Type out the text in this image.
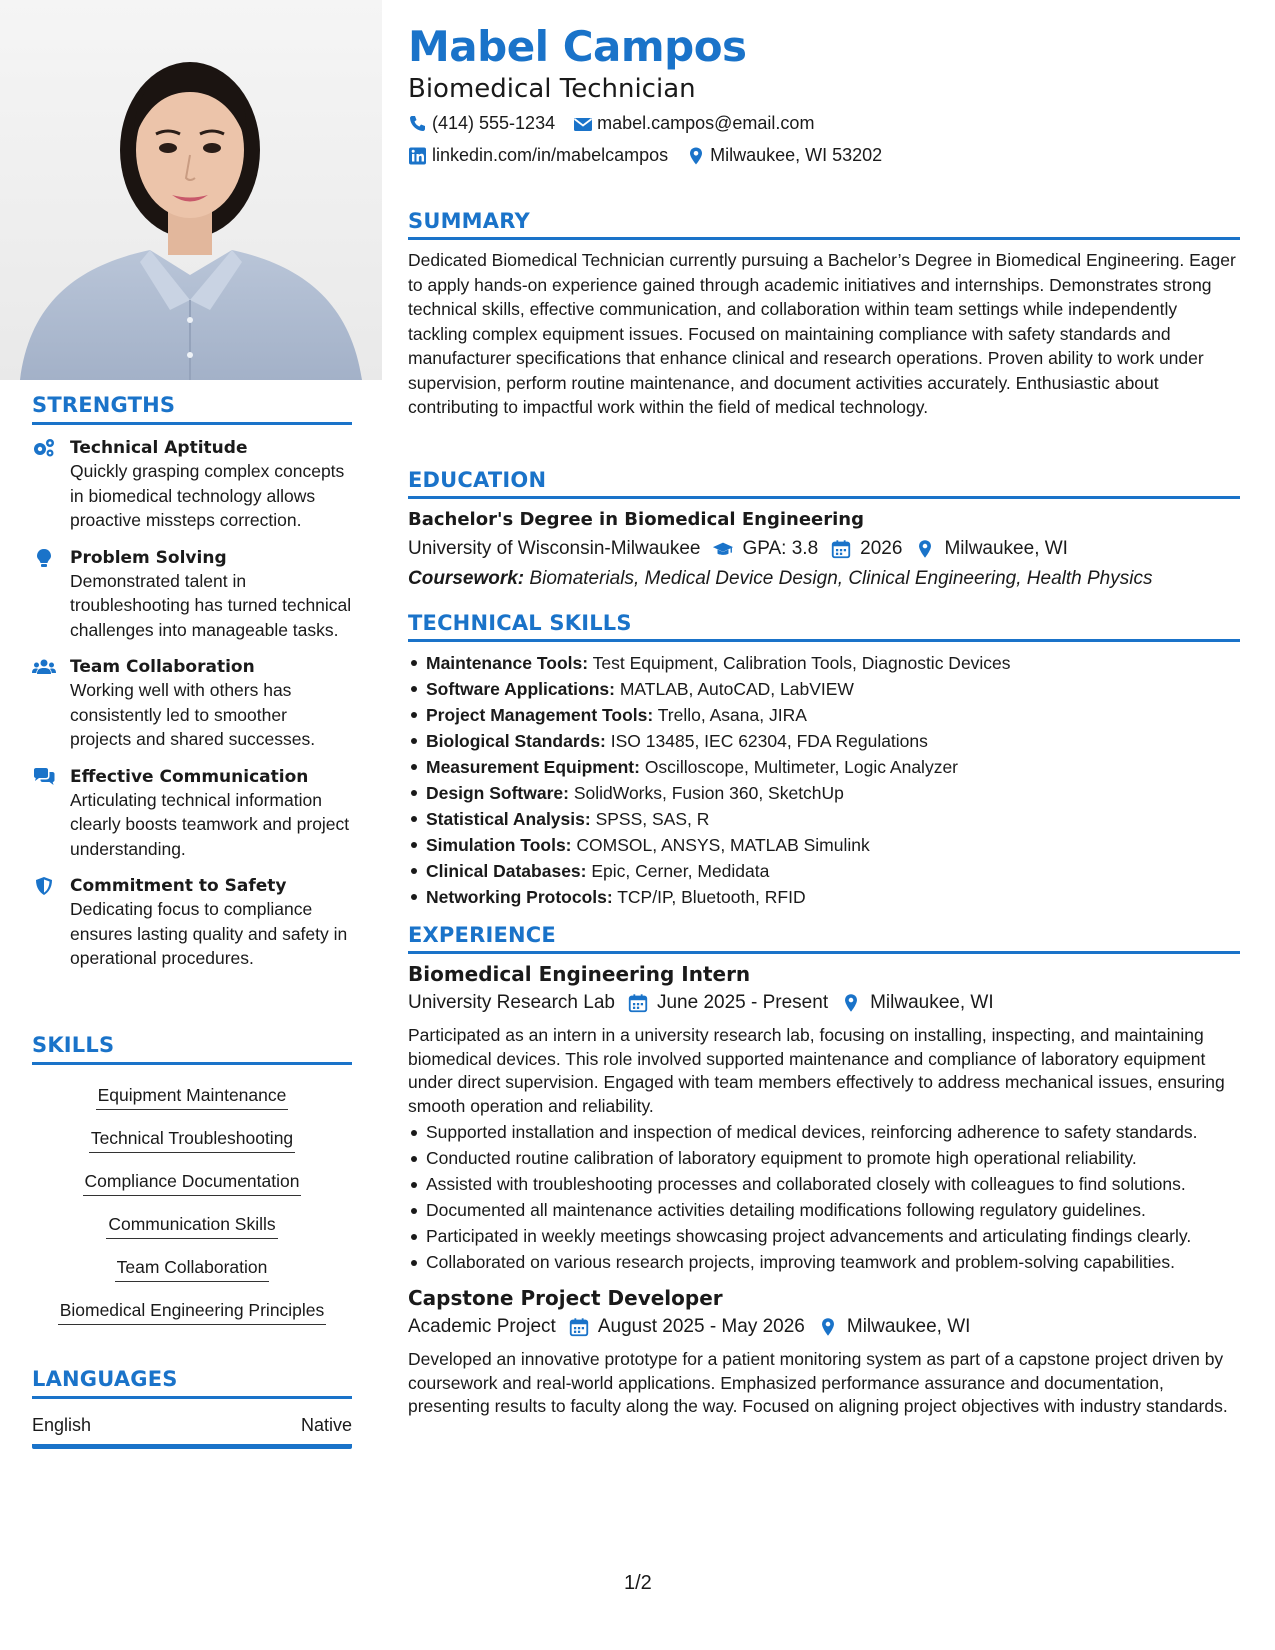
STRENGTHS
Technical Aptitude
Quickly grasping complex concepts in biomedical technology allows proactive missteps correction.
Problem Solving
Demonstrated talent in troubleshooting has turned technical challenges into manageable tasks.
Team Collaboration
Working well with others has consistently led to smoother projects and shared successes.
Effective Communication
Articulating technical information clearly boosts teamwork and project understanding.
Commitment to Safety
Dedicating focus to compliance ensures lasting quality and safety in operational procedures.
SKILLS
Equipment Maintenance
Technical Troubleshooting
Compliance Documentation
Communication Skills
Team Collaboration
Biomedical Engineering Principles
LANGUAGES
English	Native
Mabel Campos
Biomedical Technician
(414) 555-1234 mabel.campos@email.com
linkedin.com/in/mabelcampos Milwaukee, WI 53202
SUMMARY
Dedicated Biomedical Technician currently pursuing a Bachelor’s Degree in Biomedical Engineering. Eager to apply hands-on experience gained through academic initiatives and internships. Demonstrates strong technical skills, effective communication, and collaboration within team settings while independently tackling complex equipment issues. Focused on maintaining compliance with safety standards and manufacturer specifications that enhance clinical and research operations. Proven ability to work under supervision, perform routine maintenance, and document activities accurately. Enthusiastic about contributing to impactful work within the field of medical technology.
EDUCATION
Bachelor's Degree in Biomedical Engineering
University of Wisconsin-Milwaukee GPA: 3.8 2026 Milwaukee, WI
Coursework: Biomaterials, Medical Device Design, Clinical Engineering, Health Physics
TECHNICAL SKILLS
Maintenance Tools: Test Equipment, Calibration Tools, Diagnostic Devices
Software Applications: MATLAB, AutoCAD, LabVIEW
Project Management Tools: Trello, Asana, JIRA
Biological Standards: ISO 13485, IEC 62304, FDA Regulations
Measurement Equipment: Oscilloscope, Multimeter, Logic Analyzer
Design Software: SolidWorks, Fusion 360, SketchUp
Statistical Analysis: SPSS, SAS, R
Simulation Tools: COMSOL, ANSYS, MATLAB Simulink
Clinical Databases: Epic, Cerner, Medidata
Networking Protocols: TCP/IP, Bluetooth, RFID
EXPERIENCE
Biomedical Engineering Intern
University Research Lab June 2025 - Present Milwaukee, WI
Participated as an intern in a university research lab, focusing on installing, inspecting, and maintaining biomedical devices. This role involved supported maintenance and compliance of laboratory equipment under direct supervision. Engaged with team members effectively to address mechanical issues, ensuring smooth operation and reliability.
Supported installation and inspection of medical devices, reinforcing adherence to safety standards.
Conducted routine calibration of laboratory equipment to promote high operational reliability.
Assisted with troubleshooting processes and collaborated closely with colleagues to find solutions.
Documented all maintenance activities detailing modifications following regulatory guidelines.
Participated in weekly meetings showcasing project advancements and articulating findings clearly.
Collaborated on various research projects, improving teamwork and problem-solving capabilities.
Capstone Project Developer
Academic Project August 2025 - May 2026 Milwaukee, WI
Developed an innovative prototype for a patient monitoring system as part of a capstone project driven by coursework and real-world applications. Emphasized performance assurance and documentation, presenting results to faculty along the way. Focused on aligning project objectives with industry standards.
1/2
